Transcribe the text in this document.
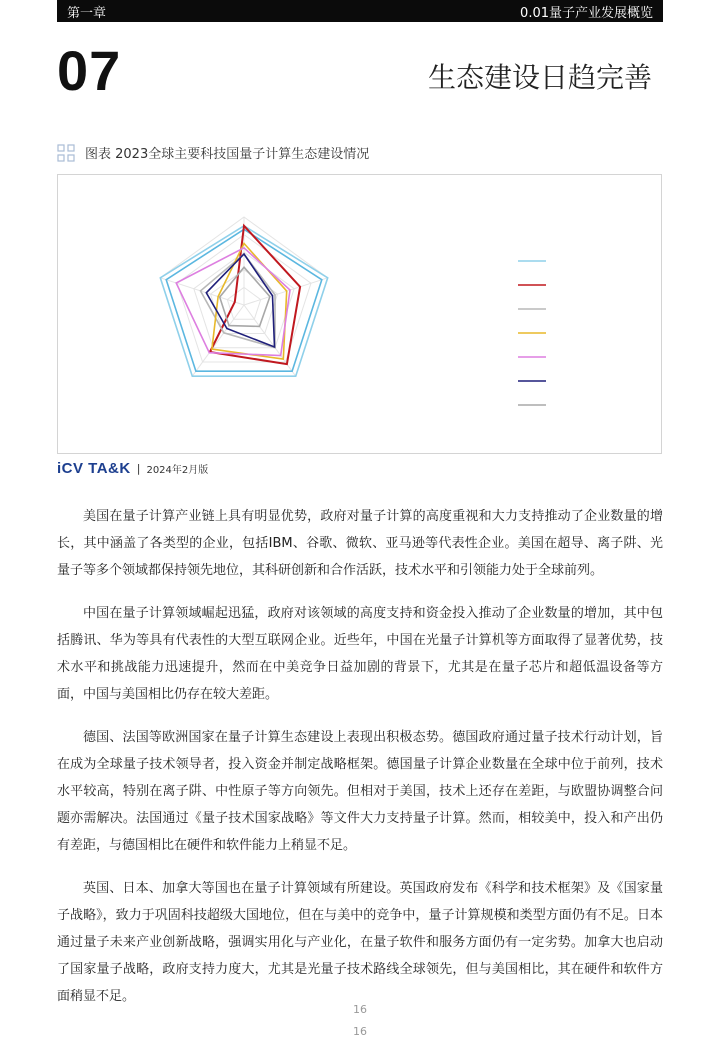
第一章	0.01量子产业发展概览
07	生态建设日趋完善
图表 2023全球主要科技国量子计算生态建设情况
iCV TA&K | 2024年2月版

美国在量子计算产业链上具有明显优势，政府对量子计算的高度重视和大力支持推动了企业数量的增长，其中涵盖了各类型的企业，包括IBM、谷歌、微软、亚马逊等代表性企业。美国在超导、离子阱、光量子等多个领域都保持领先地位，其科研创新和合作活跃，技术水平和引领能力处于全球前列。

中国在量子计算领域崛起迅猛，政府对该领域的高度支持和资金投入推动了企业数量的增加，其中包括腾讯、华为等具有代表性的大型互联网企业。近些年，中国在光量子计算机等方面取得了显著优势，技术水平和挑战能力迅速提升，然而在中美竞争日益加剧的背景下，尤其是在量子芯片和超低温设备等方面，中国与美国相比仍存在较大差距。

德国、法国等欧洲国家在量子计算生态建设上表现出积极态势。德国政府通过量子技术行动计划，旨在成为全球量子技术领导者，投入资金并制定战略框架。德国量子计算企业数量在全球中位于前列，技术水平较高，特别在离子阱、中性原子等方向领先。但相对于美国，技术上还存在差距，与欧盟协调整合问题亦需解决。法国通过《量子技术国家战略》等文件大力支持量子计算。然而，相较美中，投入和产出仍有差距，与德国相比在硬件和软件能力上稍显不足。

英国、日本、加拿大等国也在量子计算领域有所建设。英国政府发布《科学和技术框架》及《国家量子战略》，致力于巩固科技超级大国地位，但在与美中的竞争中，量子计算规模和类型方面仍有不足。日本通过量子未来产业创新战略，强调实用化与产业化，在量子软件和服务方面仍有一定劣势。加拿大也启动了国家量子战略，政府支持力度大，尤其是光量子技术路线全球领先，但与美国相比，其在硬件和软件方面稍显不足。

16
16
